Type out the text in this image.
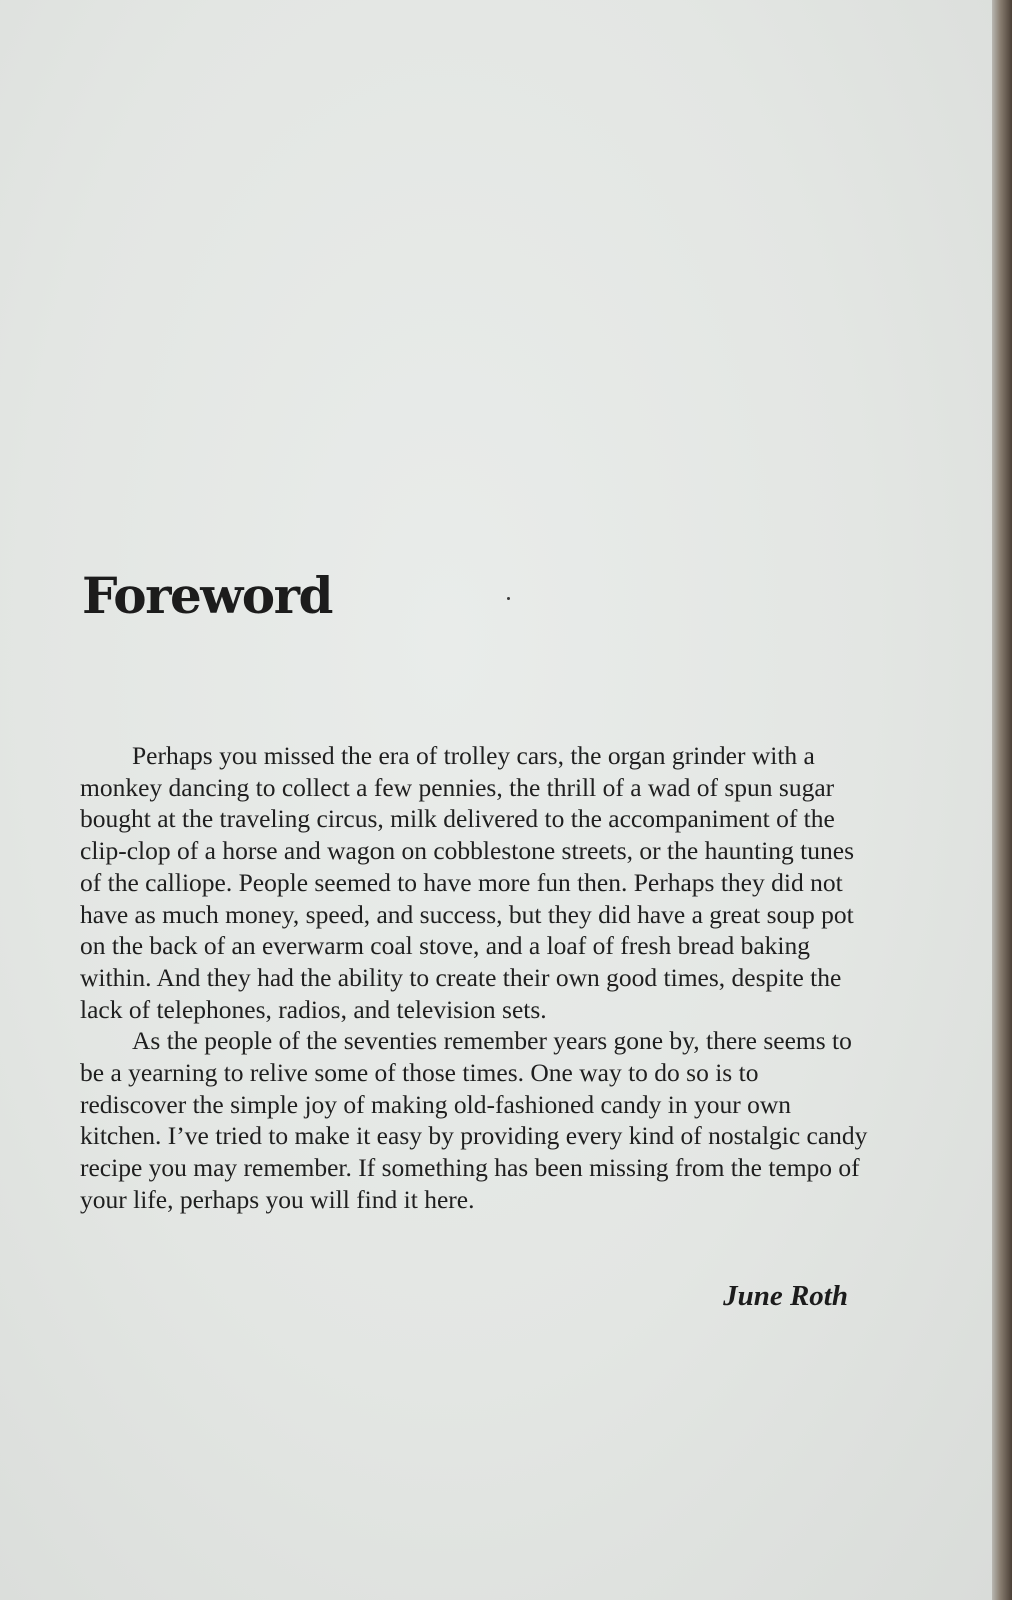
Foreword

Perhaps you missed the era of trolley cars, the organ grinder with a monkey dancing to collect a few pennies, the thrill of a wad of spun sugar bought at the traveling circus, milk delivered to the accompaniment of the clip-clop of a horse and wagon on cobblestone streets, or the haunting tunes of the calliope. People seemed to have more fun then. Perhaps they did not have as much money, speed, and success, but they did have a great soup pot on the back of an everwarm coal stove, and a loaf of fresh bread baking within. And they had the ability to create their own good times, despite the lack of telephones, radios, and television sets.

As the people of the seventies remember years gone by, there seems to be a yearning to relive some of those times. One way to do so is to rediscover the simple joy of making old-fashioned candy in your own kitchen. I’ve tried to make it easy by providing every kind of nostalgic candy recipe you may remember. If something has been missing from the tempo of your life, perhaps you will find it here.

June Roth
